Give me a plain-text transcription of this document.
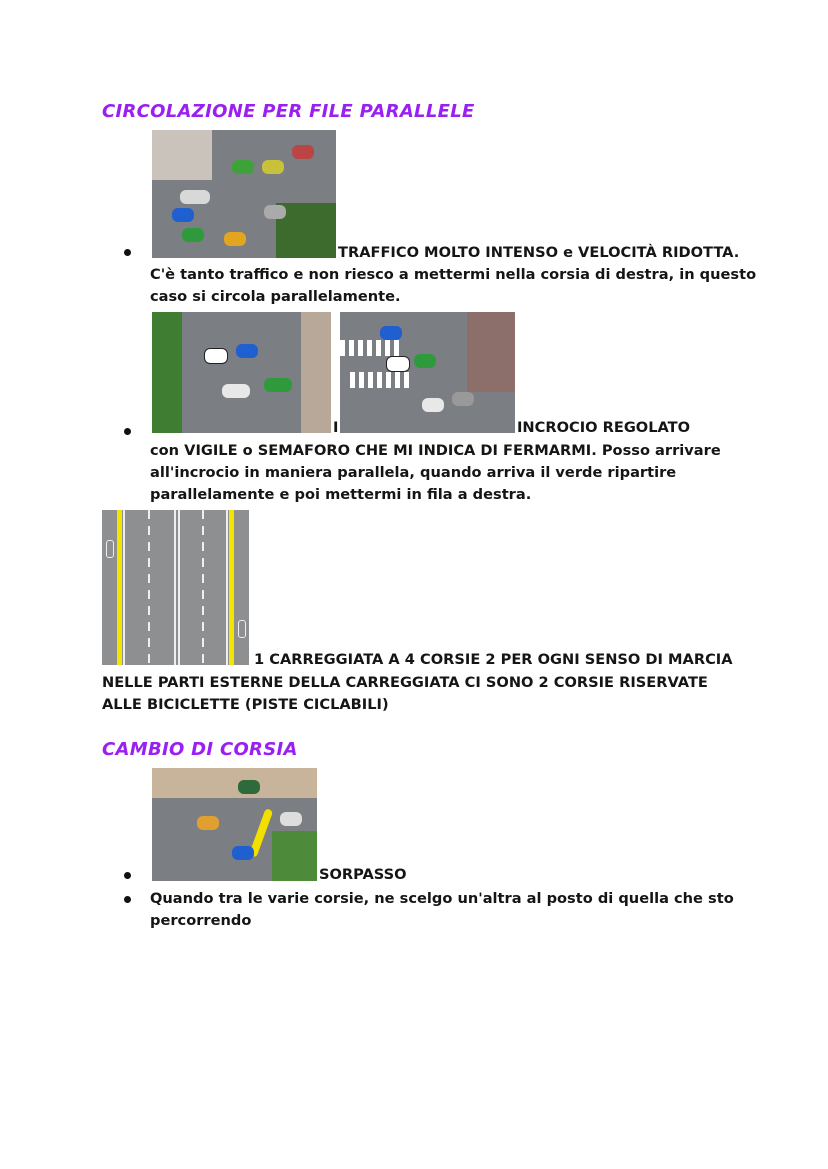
CIRCOLAZIONE PER FILE PARALLELE
TRAFFICO MOLTO INTENSO e VELOCITÀ RIDOTTA.
C'è tanto traffico e non riesco a mettermi nella corsia di destra, in questo
caso si circola parallelamente.
I	INCROCIO REGOLATO
con VIGILE o SEMAFORO CHE MI INDICA DI FERMARMI. Posso arrivare
all'incrocio in maniera parallela, quando arriva il verde ripartire
parallelamente e poi mettermi in fila a destra.
1 CARREGGIATA A 4 CORSIE 2 PER OGNI SENSO DI MARCIA
NELLE PARTI ESTERNE DELLA CARREGGIATA CI SONO 2 CORSIE RISERVATE
ALLE BICICLETTE (PISTE CICLABILI)
CAMBIO DI CORSIA
SORPASSO
Quando tra le varie corsie, ne scelgo un'altra al posto di quella che sto
percorrendo
